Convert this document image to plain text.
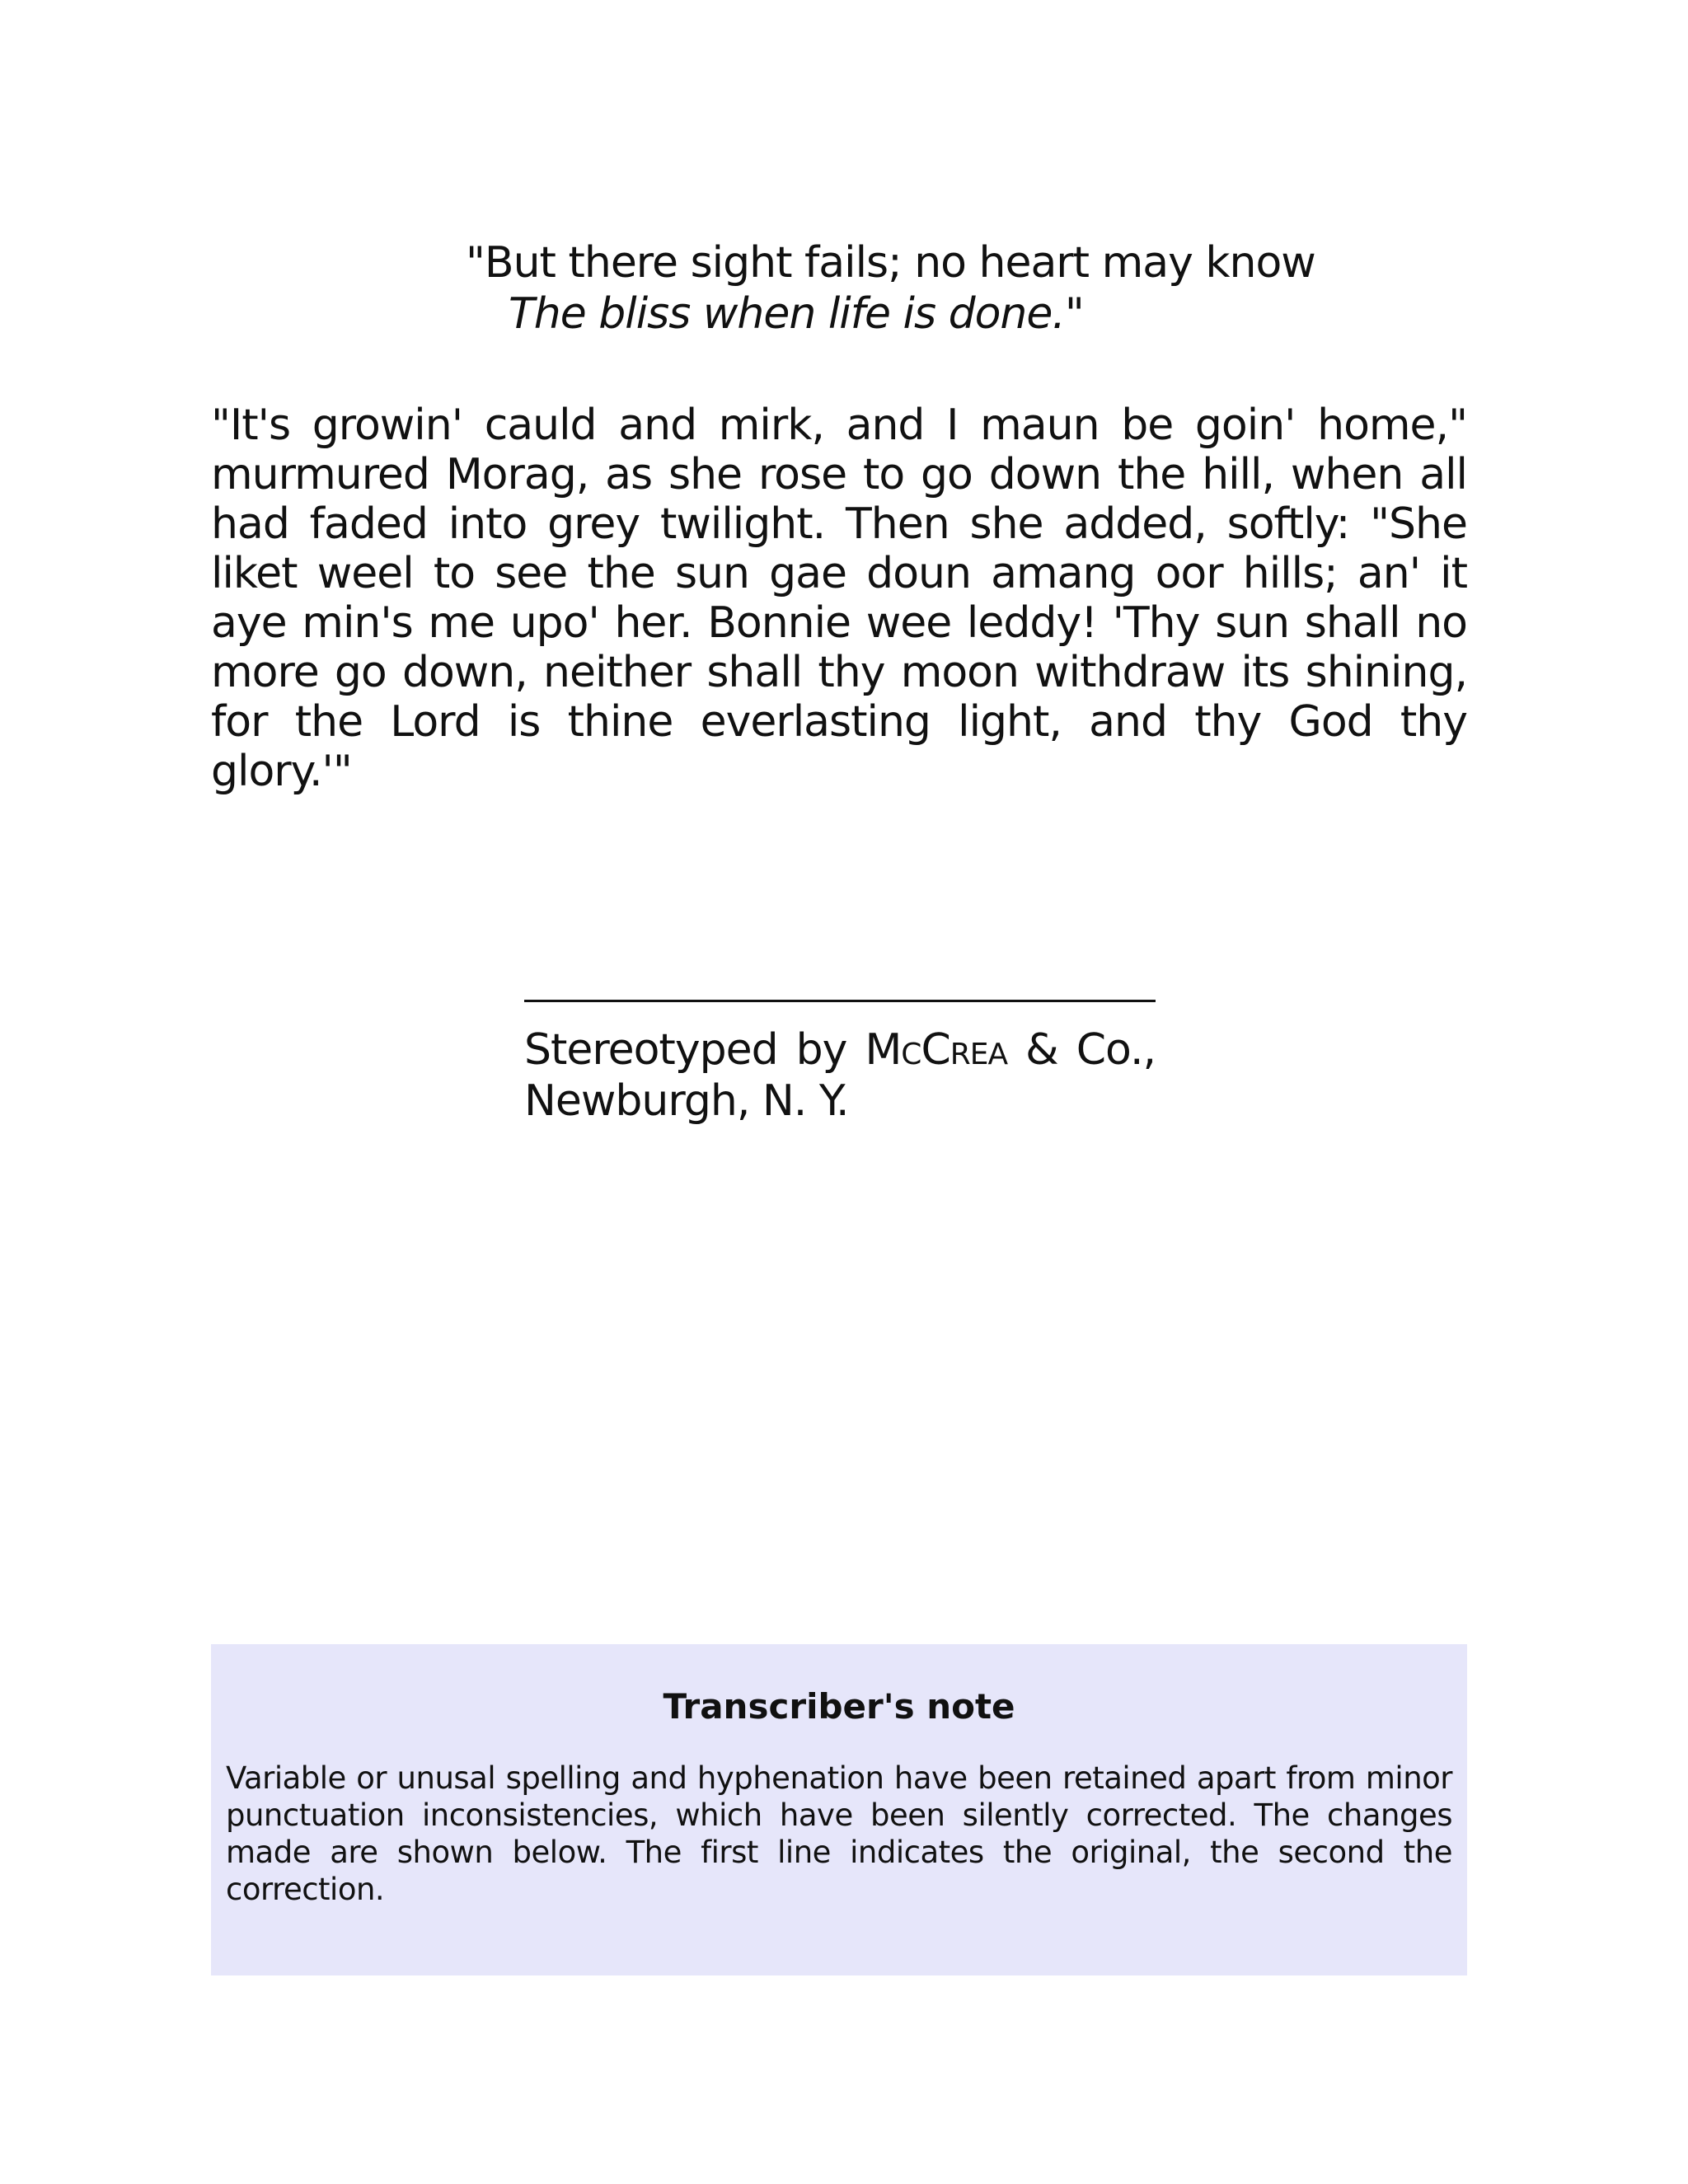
"But there sight fails; no heart may know
The bliss when life is done."

"It's growin' cauld and mirk, and I maun be goin' home," murmured Morag, as she rose to go down the hill, when all had faded into grey twilight. Then she added, softly: "She liket weel to see the sun gae doun amang oor hills; an' it aye min's me upo' her. Bonnie wee leddy! 'Thy sun shall no more go down, neither shall thy moon withdraw its shining, for the Lord is thine everlasting light, and thy God thy glory.'"

Stereotyped by McCrea & Co., Newburgh, N. Y.

Transcriber's note

Variable or unusal spelling and hyphenation have been retained apart from minor punctuation inconsistencies, which have been silently corrected. The changes made are shown below. The first line indicates the original, the second the correction.
